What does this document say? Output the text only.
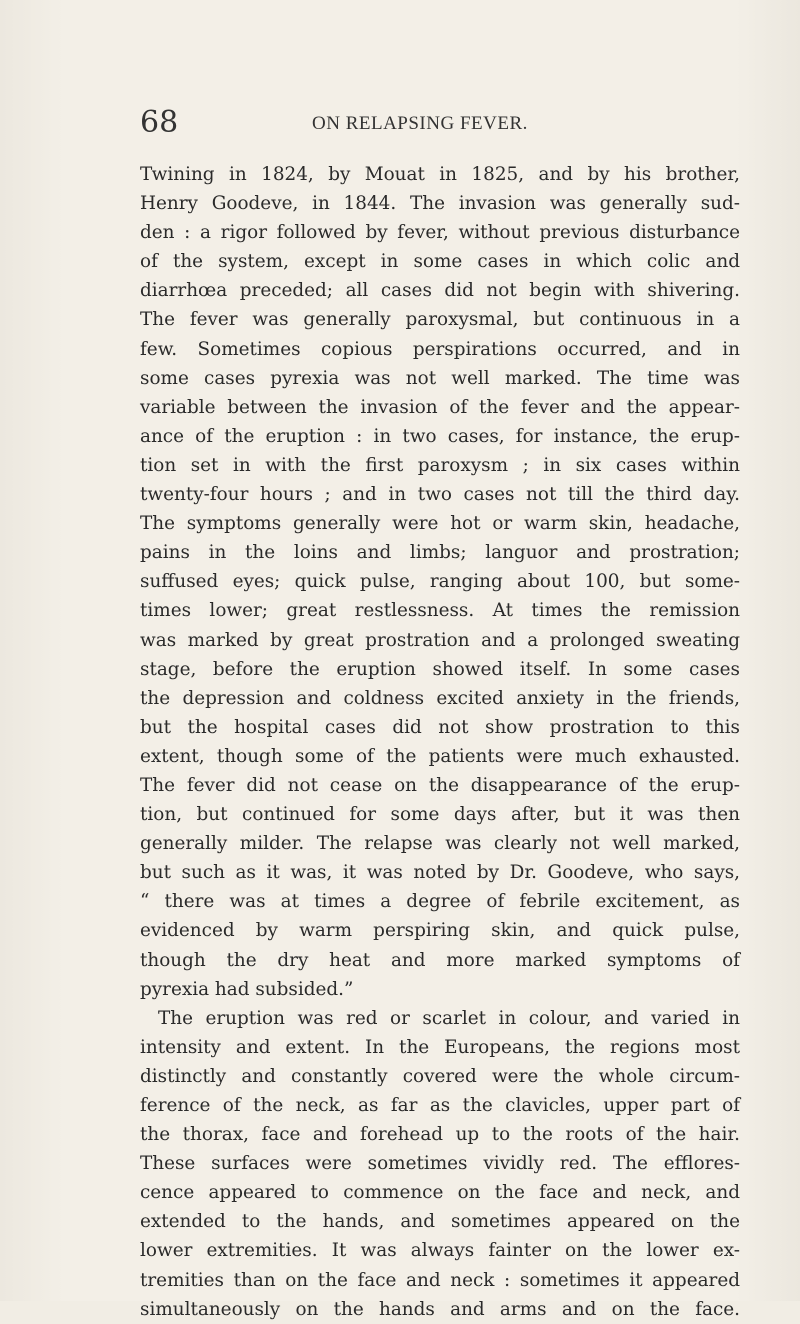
68	ON RELAPSING FEVER.
Twining in 1824, by Mouat in 1825, and by his brother,
Henry Goodeve, in 1844. The invasion was generally sud-
den : a rigor followed by fever, without previous disturbance
of the system, except in some cases in which colic and
diarrhœa preceded; all cases did not begin with shivering.
The fever was generally paroxysmal, but continuous in a
few. Sometimes copious perspirations occurred, and in
some cases pyrexia was not well marked. The time was
variable between the invasion of the fever and the appear-
ance of the eruption : in two cases, for instance, the erup-
tion set in with the first paroxysm ; in six cases within
twenty-four hours ; and in two cases not till the third day.
The symptoms generally were hot or warm skin, headache,
pains in the loins and limbs; languor and prostration;
suffused eyes; quick pulse, ranging about 100, but some-
times lower; great restlessness. At times the remission
was marked by great prostration and a prolonged sweating
stage, before the eruption showed itself. In some cases
the depression and coldness excited anxiety in the friends,
but the hospital cases did not show prostration to this
extent, though some of the patients were much exhausted.
The fever did not cease on the disappearance of the erup-
tion, but continued for some days after, but it was then
generally milder. The relapse was clearly not well marked,
but such as it was, it was noted by Dr. Goodeve, who says,
“ there was at times a degree of febrile excitement, as
evidenced by warm perspiring skin, and quick pulse,
though the dry heat and more marked symptoms of
pyrexia had subsided.”
The eruption was red or scarlet in colour, and varied in
intensity and extent. In the Europeans, the regions most
distinctly and constantly covered were the whole circum-
ference of the neck, as far as the clavicles, upper part of
the thorax, face and forehead up to the roots of the hair.
These surfaces were sometimes vividly red. The efflores-
cence appeared to commence on the face and neck, and
extended to the hands, and sometimes appeared on the
lower extremities. It was always fainter on the lower ex-
tremities than on the face and neck : sometimes it appeared
simultaneously on the hands and arms and on the face.
